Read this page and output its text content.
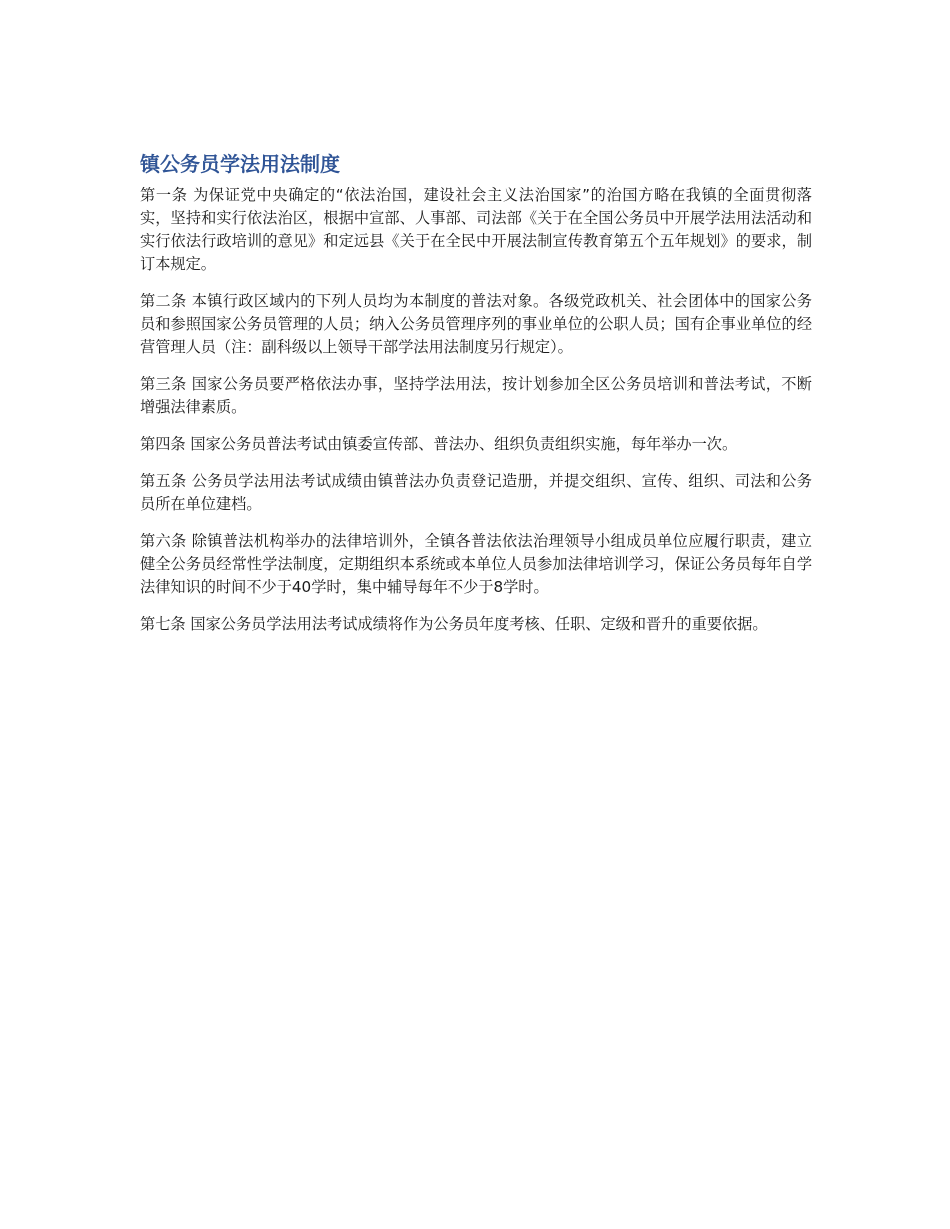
镇公务员学法用法制度

第一条 为保证党中央确定的“依法治国，建设社会主义法治国家”的治国方略在我镇的全面贯彻落实，坚持和实行依法治区，根据中宣部、人事部、司法部《关于在全国公务员中开展学法用法活动和实行依法行政培训的意见》和定远县《关于在全民中开展法制宣传教育第五个五年规划》的要求，制订本规定。

第二条 本镇行政区域内的下列人员均为本制度的普法对象。各级党政机关、社会团体中的国家公务员和参照国家公务员管理的人员；纳入公务员管理序列的事业单位的公职人员；国有企事业单位的经营管理人员（注：副科级以上领导干部学法用法制度另行规定）。

第三条 国家公务员要严格依法办事，坚持学法用法，按计划参加全区公务员培训和普法考试，不断增强法律素质。

第四条 国家公务员普法考试由镇委宣传部、普法办、组织负责组织实施，每年举办一次。

第五条 公务员学法用法考试成绩由镇普法办负责登记造册，并提交组织、宣传、组织、司法和公务员所在单位建档。

第六条 除镇普法机构举办的法律培训外，全镇各普法依法治理领导小组成员单位应履行职责，建立健全公务员经常性学法制度，定期组织本系统或本单位人员参加法律培训学习，保证公务员每年自学法律知识的时间不少于40学时，集中辅导每年不少于8学时。

第七条 国家公务员学法用法考试成绩将作为公务员年度考核、任职、定级和晋升的重要依据。
